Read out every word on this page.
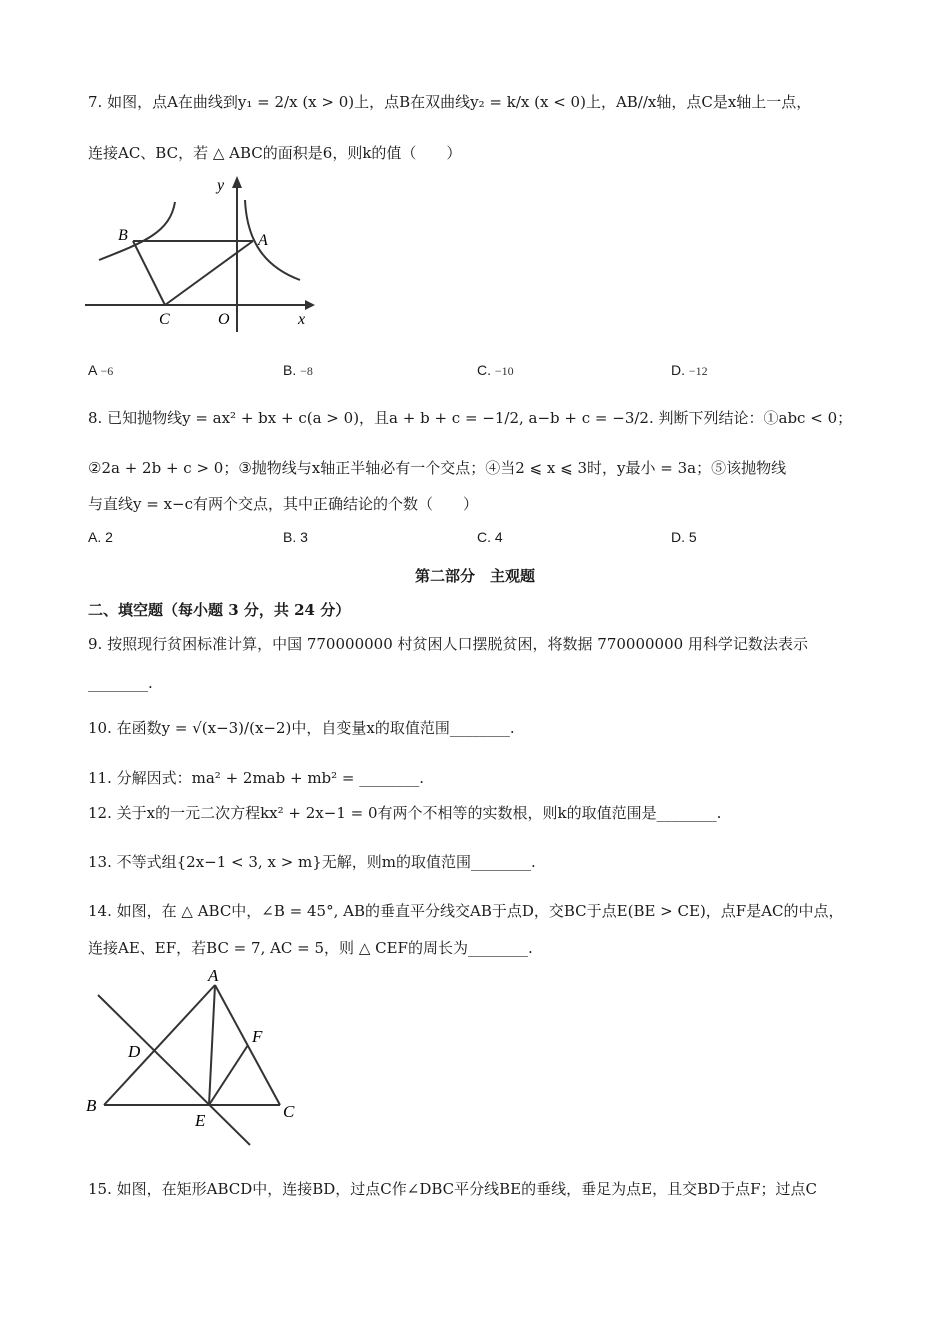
7. 如图，点A在曲线到y₁ = 2/x (x > 0)上，点B在双曲线y₂ = k/x (x < 0)上，AB//x轴，点C是x轴上一点，
连接AC、BC，若 △ ABC的面积是6，则k的值（　　）
y
B	A
C	O	x
A −6	B. −8	C. −10	D. −12
8. 已知抛物线y = ax² + bx + c(a > 0)，且a + b + c = −1/2, a−b + c = −3/2. 判断下列结论：①abc < 0；
②2a + 2b + c > 0；③抛物线与x轴正半轴必有一个交点；④当2 ⩽ x ⩽ 3时，y最小 = 3a；⑤该抛物线
与直线y = x−c有两个交点，其中正确结论的个数（　　）
A. 2	B. 3	C. 4	D. 5
第二部分　主观题
二、填空题（每小题 3 分，共 24 分）
9. 按照现行贫困标准计算，中国 770000000 村贫困人口摆脱贫困，将数据 770000000 用科学记数法表示
________.
10. 在函数y = √(x−3)/(x−2)中，自变量x的取值范围________.
11. 分解因式：ma² + 2mab + mb² = ________.
12. 关于x的一元二次方程kx² + 2x−1 = 0有两个不相等的实数根，则k的取值范围是________.
13. 不等式组{2x−1 < 3, x > m}无解，则m的取值范围________.
14. 如图，在 △ ABC中，∠B = 45°, AB的垂直平分线交AB于点D，交BC于点E(BE > CE)，点F是AC的中点，
连接AE、EF，若BC = 7, AC = 5，则 △ CEF的周长为________.
A
D
F
B
E	C
15. 如图，在矩形ABCD中，连接BD，过点C作∠DBC平分线BE的垂线，垂足为点E，且交BD于点F；过点C
